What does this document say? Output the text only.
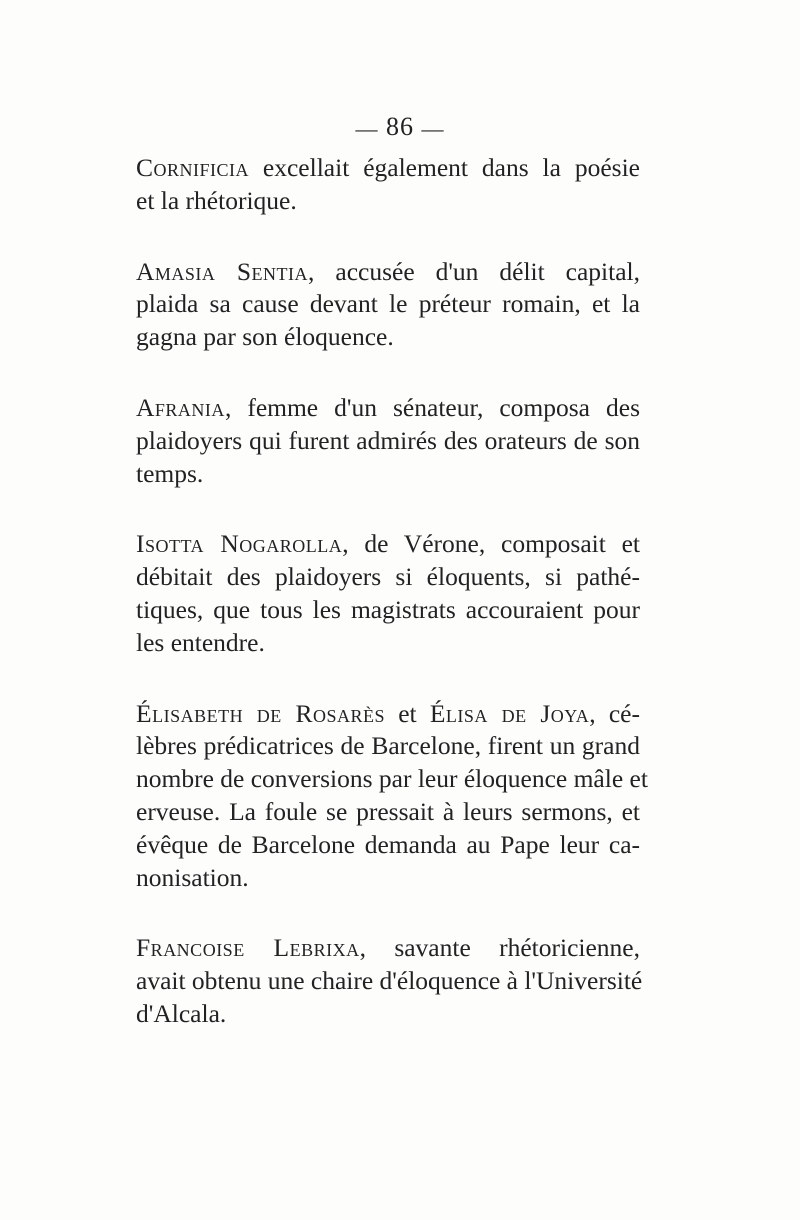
— 86 —

Cornificia excellait également dans la poésie
et la rhétorique.

Amasia Sentia, accusée d'un délit capital,
plaida sa cause devant le préteur romain, et la
gagna par son éloquence.

Afrania, femme d'un sénateur, composa des
plaidoyers qui furent admirés des orateurs de son
temps.

Isotta Nogarolla, de Vérone, composait et
débitait des plaidoyers si éloquents, si pathé-
tiques, que tous les magistrats accouraient pour
les entendre.

Élisabeth de Rosarès et Élisa de Joya, cé-
lèbres prédicatrices de Barcelone, firent un grand
nombre de conversions par leur éloquence mâle et
erveuse. La foule se pressait à leurs sermons, et
évêque de Barcelone demanda au Pape leur ca-
nonisation.

Francoise Lebrixa, savante rhétoricienne,
avait obtenu une chaire d'éloquence à l'Université
d'Alcala.
